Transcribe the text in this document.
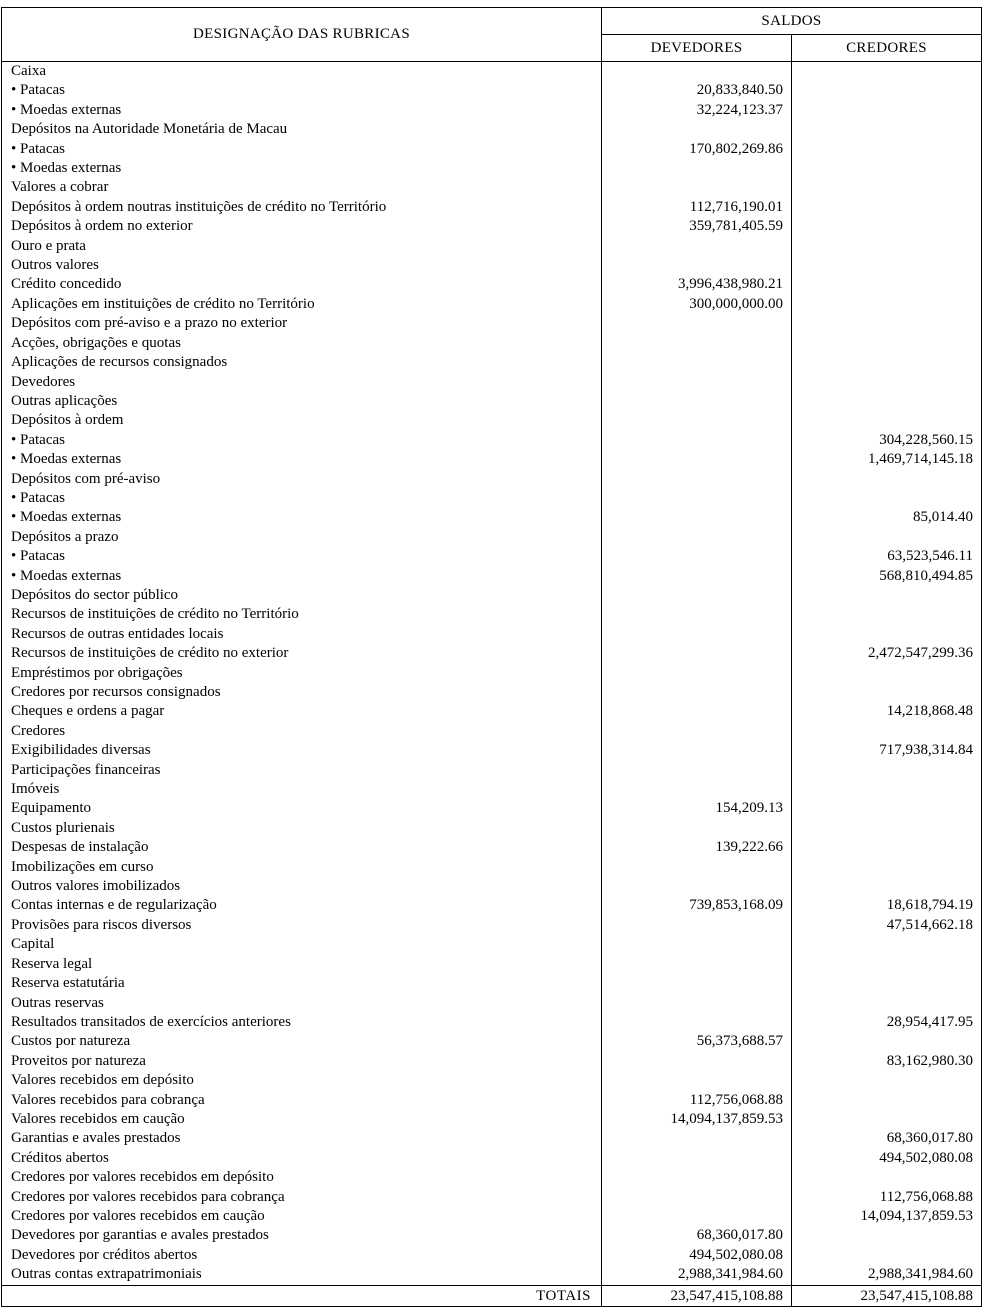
DESIGNAÇÃO DAS RUBRICAS	SALDOS	
	DEVEDORES	CREDORES
Caixa		
• Patacas	20,833,840.50	
• Moedas externas	32,224,123.37	
Depósitos na Autoridade Monetária de Macau		
• Patacas	170,802,269.86	
• Moedas externas		
Valores a cobrar		
Depósitos à ordem noutras instituições de crédito no Território	112,716,190.01	
Depósitos à ordem no exterior	359,781,405.59	
Ouro e prata		
Outros valores		
Crédito concedido	3,996,438,980.21	
Aplicações em instituições de crédito no Território	300,000,000.00	
Depósitos com pré-aviso e a prazo no exterior		
Acções, obrigações e quotas		
Aplicações de recursos consignados		
Devedores		
Outras aplicações		
Depósitos à ordem		
• Patacas		304,228,560.15
• Moedas externas		1,469,714,145.18
Depósitos com pré-aviso		
• Patacas		
• Moedas externas		85,014.40
Depósitos a prazo		
• Patacas		63,523,546.11
• Moedas externas		568,810,494.85
Depósitos do sector público		
Recursos de instituições de crédito no Território		
Recursos de outras entidades locais		
Recursos de instituições de crédito no exterior		2,472,547,299.36
Empréstimos por obrigações		
Credores por recursos consignados		
Cheques e ordens a pagar		14,218,868.48
Credores		
Exigibilidades diversas		717,938,314.84
Participações financeiras		
Imóveis		
Equipamento	154,209.13	
Custos plurienais		
Despesas de instalação	139,222.66	
Imobilizações em curso		
Outros valores imobilizados		
Contas internas e de regularização	739,853,168.09	18,618,794.19
Provisões para riscos diversos		47,514,662.18
Capital		
Reserva legal		
Reserva estatutária		
Outras reservas		
Resultados transitados de exercícios anteriores		28,954,417.95
Custos por natureza	56,373,688.57	
Proveitos por natureza		83,162,980.30
Valores recebidos em depósito		
Valores recebidos para cobrança	112,756,068.88	
Valores recebidos em caução	14,094,137,859.53	
Garantias e avales prestados		68,360,017.80
Créditos abertos		494,502,080.08
Credores por valores recebidos em depósito		
Credores por valores recebidos para cobrança		112,756,068.88
Credores por valores recebidos em caução		14,094,137,859.53
Devedores por garantias e avales prestados	68,360,017.80	
Devedores por créditos abertos	494,502,080.08	
Outras contas extrapatrimoniais	2,988,341,984.60	2,988,341,984.60
TOTAIS	23,547,415,108.88	23,547,415,108.88
